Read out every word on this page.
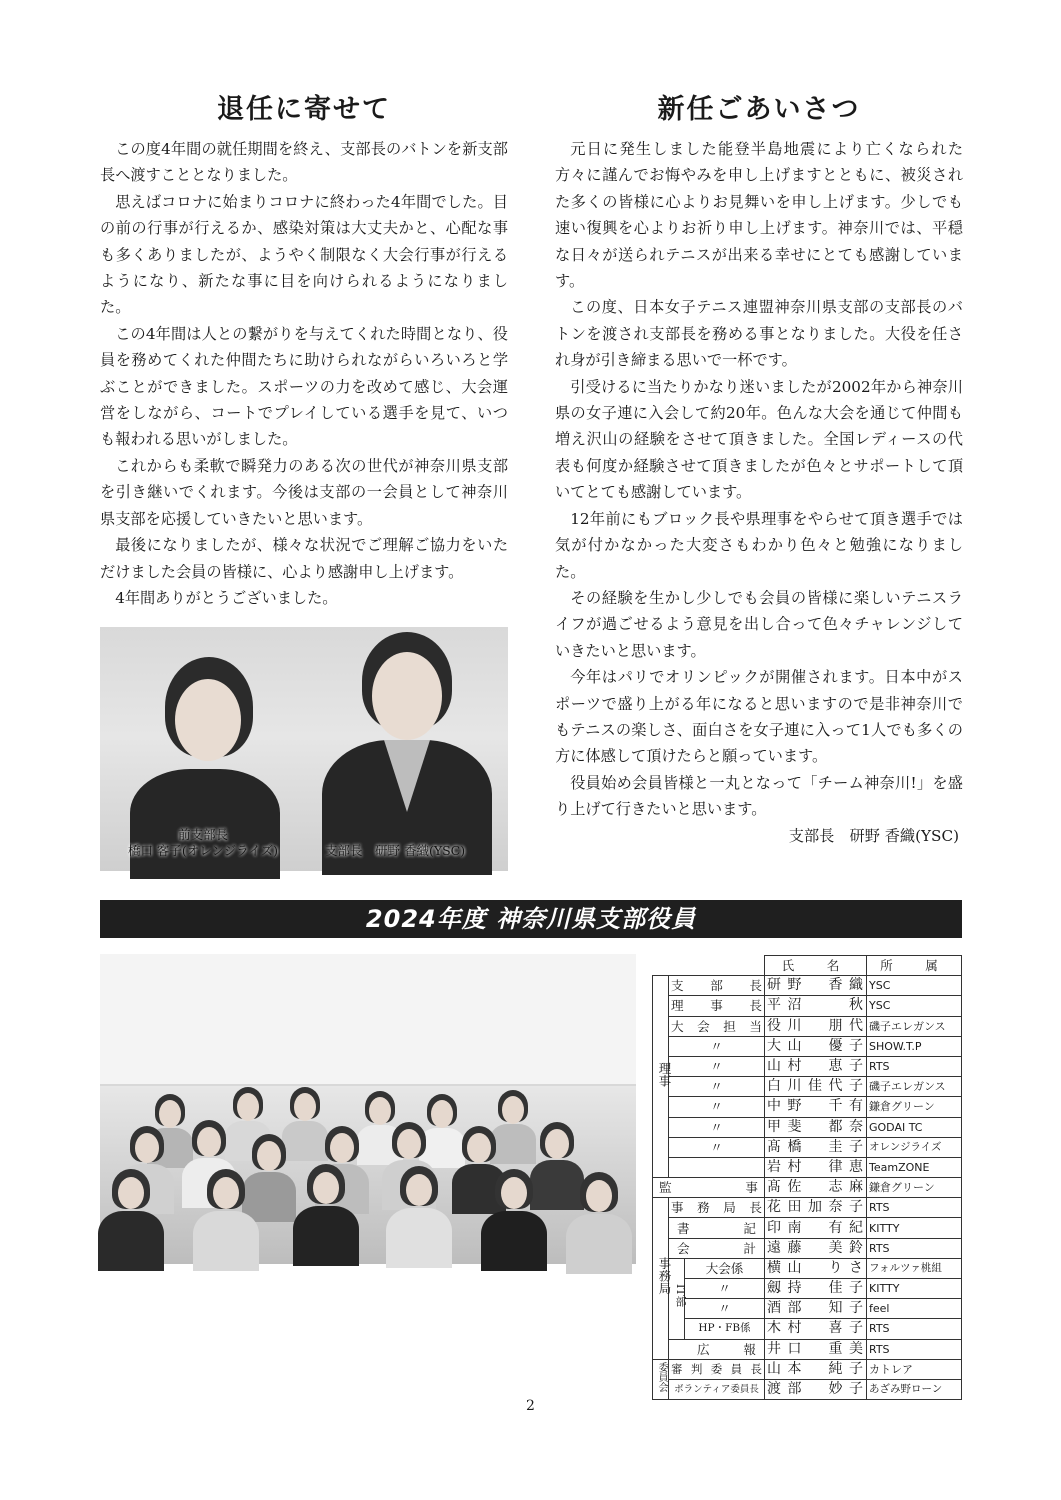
退任に寄せて

この度4年間の就任期間を終え、支部長のバトンを新支部長へ渡すこととなりました。

思えばコロナに始まりコロナに終わった4年間でした。目の前の行事が行えるか、感染対策は大丈夫かと、心配な事も多くありましたが、ようやく制限なく大会行事が行えるようになり、新たな事に目を向けられるようになりました。

この4年間は人との繋がりを与えてくれた時間となり、役員を務めてくれた仲間たちに助けられながらいろいろと学ぶことができました。スポーツの力を改めて感じ、大会運営をしながら、コートでプレイしている選手を見て、いつも報われる思いがしました。

これからも柔軟で瞬発力のある次の世代が神奈川県支部を引き継いでくれます。今後は支部の一会員として神奈川県支部を応援していきたいと思います。

最後になりましたが、様々な状況でご理解ご協力をいただけました会員の皆様に、心より感謝申し上げます。

4年間ありがとうございました。

前支部長
橋口 客子(オレンジライズ)	支部長　研野 香織(YSC)
新任ごあいさつ

元日に発生しました能登半島地震により亡くなられた方々に謹んでお悔やみを申し上げますとともに、被災された多くの皆様に心よりお見舞いを申し上げます。少しでも速い復興を心よりお祈り申し上げます。神奈川では、平穏な日々が送られテニスが出来る幸せにとても感謝しています。

この度、日本女子テニス連盟神奈川県支部の支部長のバトンを渡され支部長を務める事となりました。大役を任され身が引き締まる思いで一杯です。

引受けるに当たりかなり迷いましたが2002年から神奈川県の女子連に入会して約20年。色んな大会を通じて仲間も増え沢山の経験をさせて頂きました。全国レディースの代表も何度か経験させて頂きましたが色々とサポートして頂いてとても感謝しています。

12年前にもブロック長や県理事をやらせて頂き選手では気が付かなかった大変さもわかり色々と勉強になりました。

その経験を生かし少しでも会員の皆様に楽しいテニスライフが過ごせるよう意見を出し合って色々チャレンジしていきたいと思います。

今年はパリでオリンピックが開催されます。日本中がスポーツで盛り上がる年になると思いますので是非神奈川でもテニスの楽しさ、面白さを女子連に入って1人でも多くの方に体感して頂けたらと願っています。

役員始め会員皆様と一丸となって「チーム神奈川!」を盛り上げて行きたいと思います。

支部長　研野 香織(YSC)

2024年度 神奈川県支部役員
			氏　名	所　属
理事	支部長		研野　香織	YSC
	理事長		平沼　　秋	YSC
	大会担当		役川　朋代	磯子エレガンス
	〃		大山　優子	SHOW.T.P
	〃		山村　恵子	RTS
	〃		白川佳代子	磯子エレガンス
	〃		中野　千有	鎌倉グリーン
	〃		甲斐　都奈	GODAI TC
	〃		髙橋　圭子	オレンジライズ
			岩村　律恵	TeamZONE
監　事			髙佐　志麻	鎌倉グリーン
事務局	事務局長		花田加奈子	RTS
	書記		印南　有紀	KITTY
	会計		遠藤　美鈴	RTS
	IT部	大会係	横山　りさ	フォルツァ桃組
		〃	劔持　佳子	KITTY
		〃	酒部　知子	feel
		HP・FB係	木村　喜子	RTS
	広報		井口　重美	RTS
委員会	審判委員長		山本　純子	カトレア
	ボランティア委員長		渡部　妙子	あざみ野ローン
2
